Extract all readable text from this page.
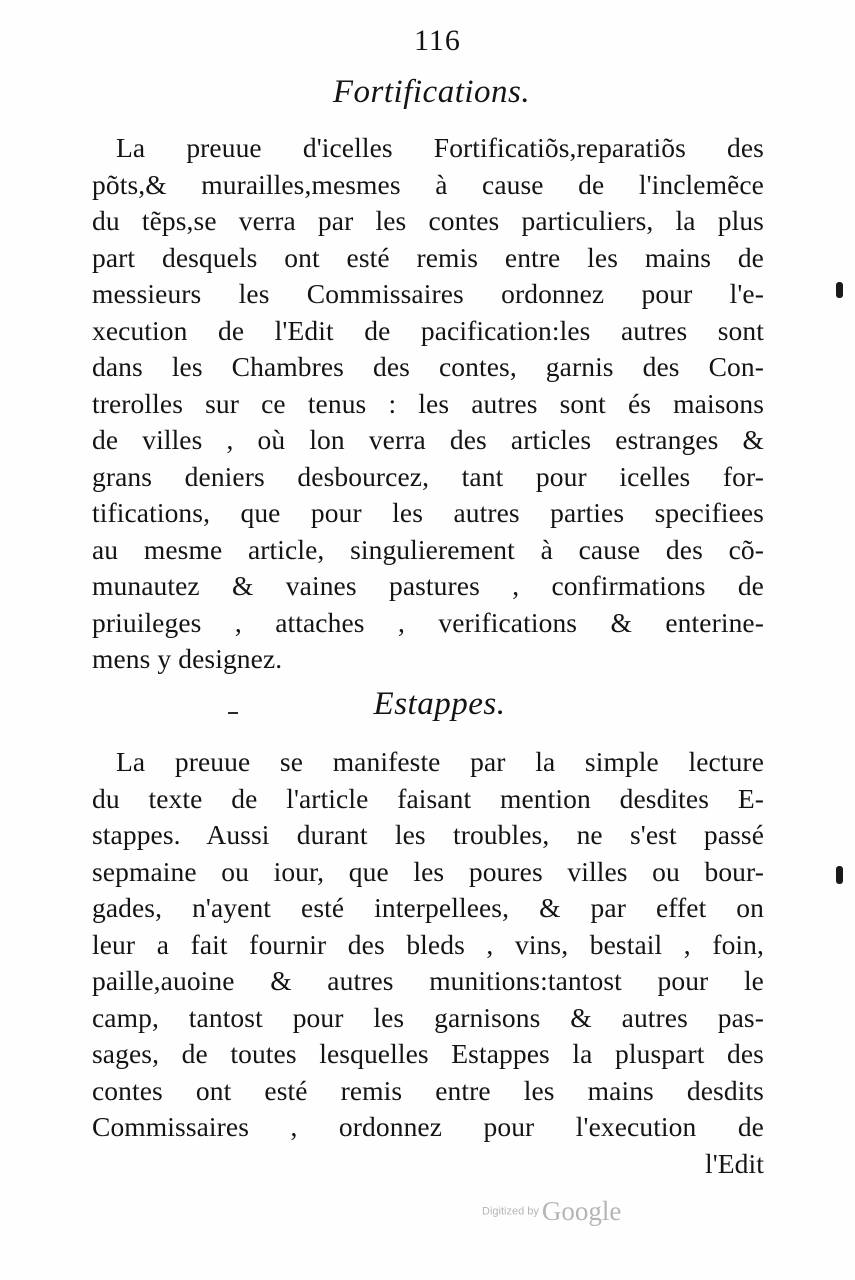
116
Fortifications.
La preuue d'icelles Fortificatiõs,reparatiõs des
põts,& murailles,mesmes à cause de l'inclemẽce
du tẽps,se verra par les contes particuliers, la plus
part desquels ont esté remis entre les mains de
messieurs les Commissaires ordonnez pour l'e-
xecution de l'Edit de pacification:les autres sont
dans les Chambres des contes, garnis des Con-
trerolles sur ce tenus : les autres sont és maisons
de villes , où lon verra des articles estranges &
grans deniers desbourcez, tant pour icelles for-
tifications, que pour les autres parties specifiees
au mesme article, singulierement à cause des cõ-
munautez & vaines pastures , confirmations de
priuileges , attaches , verifications & enterine-
mens y designez.
Estappes.
La preuue se manifeste par la simple lecture
du texte de l'article faisant mention desdites E-
stappes. Aussi durant les troubles, ne s'est passé
sepmaine ou iour, que les poures villes ou bour-
gades, n'ayent esté interpellees, & par effet on
leur a fait fournir des bleds , vins, bestail , foin,
paille,auoine & autres munitions:tantost pour le
camp, tantost pour les garnisons & autres pas-
sages, de toutes lesquelles Estappes la pluspart des
contes ont esté remis entre les mains desdits
Commissaires , ordonnez pour l'execution de
l'Edit
Digitized by Google
